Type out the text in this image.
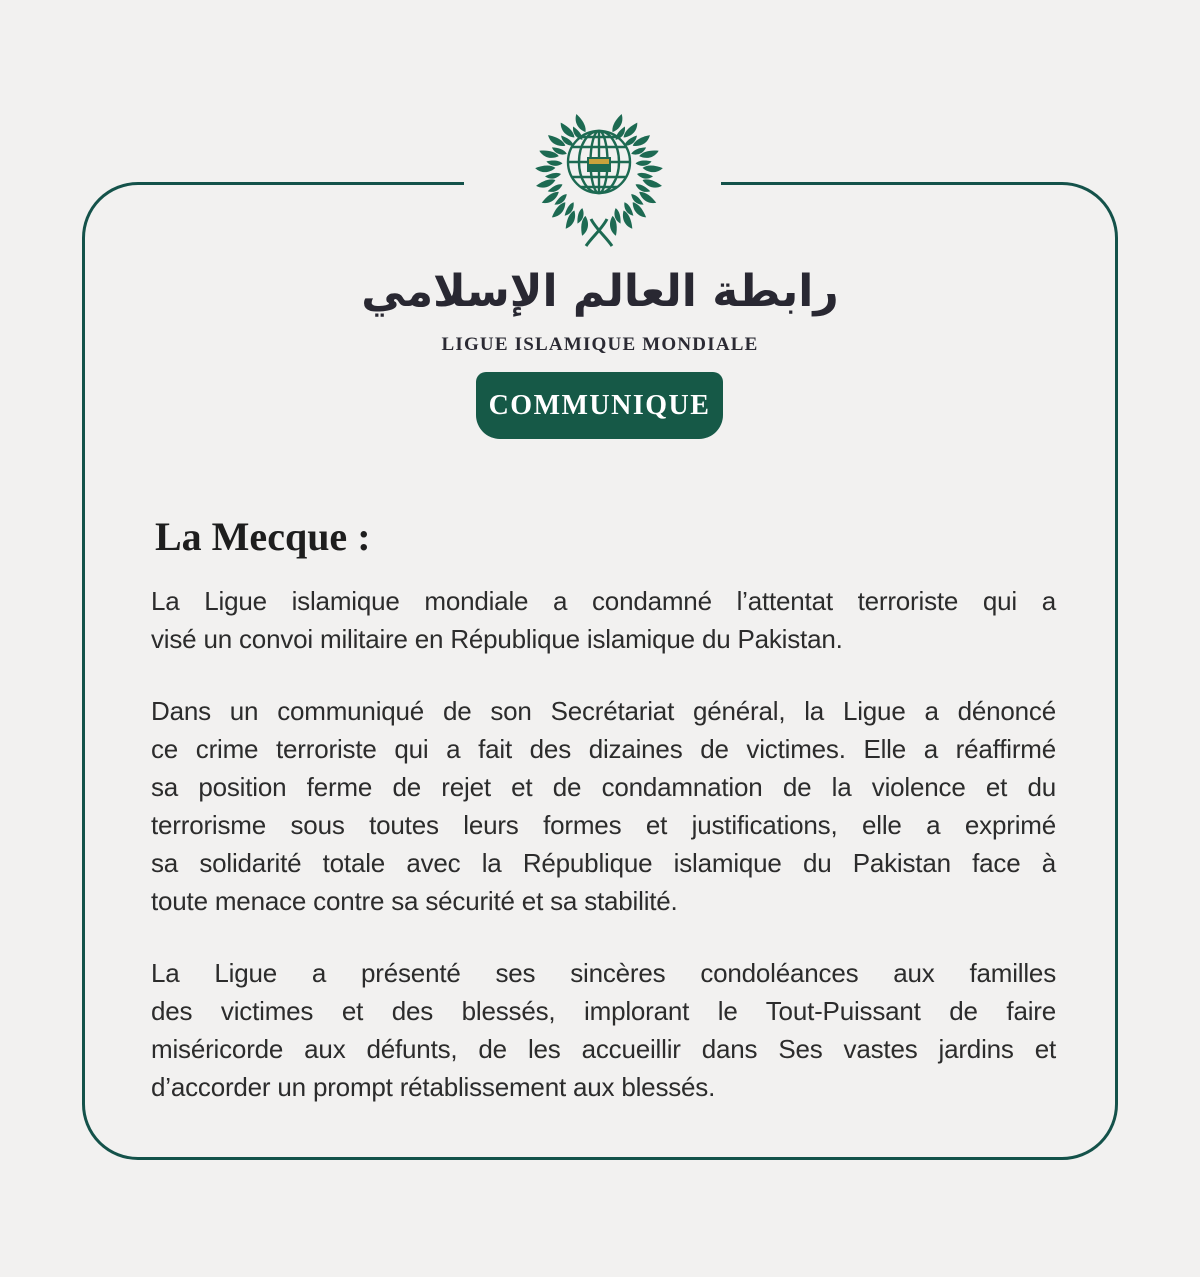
رابطة العالم الإسلامي
LIGUE ISLAMIQUE MONDIALE
COMMUNIQUE
La Mecque :
La Ligue islamique mondiale a condamné l’attentat terroriste qui a
visé un convoi militaire en République islamique du Pakistan.
Dans un communiqué de son Secrétariat général, la Ligue a dénoncé
ce crime terroriste qui a fait des dizaines de victimes. Elle a réaffirmé
sa position ferme de rejet et de condamnation de la violence et du
terrorisme sous toutes leurs formes et justifications, elle a exprimé
sa solidarité totale avec la République islamique du Pakistan face à
toute menace contre sa sécurité et sa stabilité.
La Ligue a présenté ses sincères condoléances aux familles
des victimes et des blessés, implorant le Tout-Puissant de faire
miséricorde aux défunts, de les accueillir dans Ses vastes jardins et
d’accorder un prompt rétablissement aux blessés.
